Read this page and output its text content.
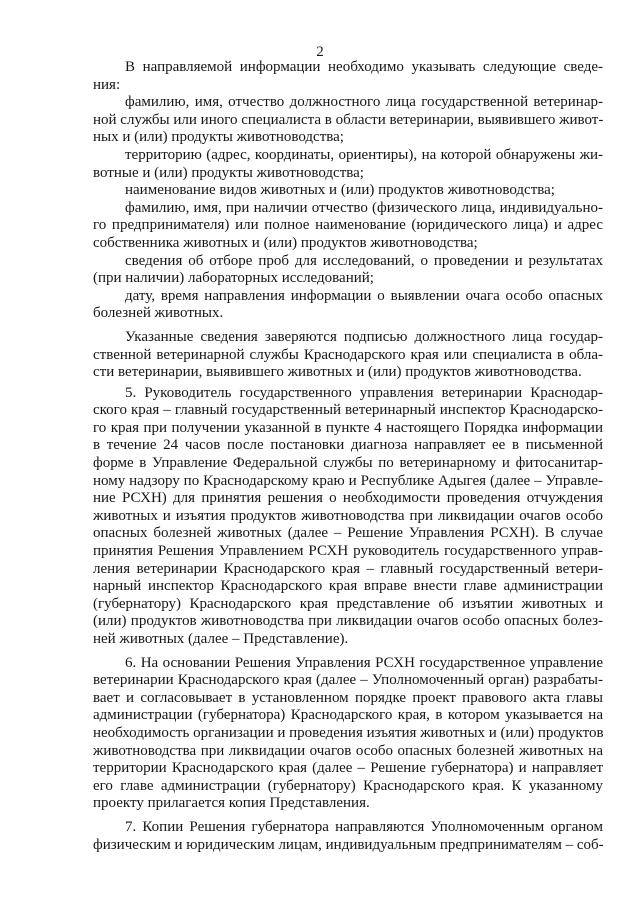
2
В направляемой информации необходимо указывать следующие сведе-
ния:
фамилию, имя, отчество должностного лица государственной ветеринар-
ной службы или иного специалиста в области ветеринарии, выявившего живот-
ных и (или) продукты животноводства;
территорию (адрес, координаты, ориентиры), на которой обнаружены жи-
вотные и (или) продукты животноводства;
наименование видов животных и (или) продуктов животноводства;
фамилию, имя, при наличии отчество (физического лица, индивидуально-
го предпринимателя) или полное наименование (юридического лица) и адрес
собственника животных и (или) продуктов животноводства;
сведения об отборе проб для исследований, о проведении и результатах
(при наличии) лабораторных исследований;
дату, время направления информации о выявлении очага особо опасных
болезней животных.
Указанные сведения заверяются подписью должностного лица государ-
ственной ветеринарной службы Краснодарского края или специалиста в обла-
сти ветеринарии, выявившего животных и (или) продуктов животноводства.
5. Руководитель государственного управления ветеринарии Краснодар-
ского края – главный государственный ветеринарный инспектор Краснодарско-
го края при получении указанной в пункте 4 настоящего Порядка информации
в течение 24 часов после постановки диагноза направляет ее в письменной
форме в Управление Федеральной службы по ветеринарному и фитосанитар-
ному надзору по Краснодарскому краю и Республике Адыгея (далее – Управле-
ние РСХН) для принятия решения о необходимости проведения отчуждения
животных и изъятия продуктов животноводства при ликвидации очагов особо
опасных болезней животных (далее – Решение Управления РСХН). В случае
принятия Решения Управлением РСХН руководитель государственного управ-
ления ветеринарии Краснодарского края – главный государственный ветери-
нарный инспектор Краснодарского края вправе внести главе администрации
(губернатору) Краснодарского края представление об изъятии животных и
(или) продуктов животноводства при ликвидации очагов особо опасных болез-
ней животных (далее – Представление).
6. На основании Решения Управления РСХН государственное управление
ветеринарии Краснодарского края (далее – Уполномоченный орган) разрабаты-
вает и согласовывает в установленном порядке проект правового акта главы
администрации (губернатора) Краснодарского края, в котором указывается на
необходимость организации и проведения изъятия животных и (или) продуктов
животноводства при ликвидации очагов особо опасных болезней животных на
территории Краснодарского края (далее – Решение губернатора) и направляет
его главе администрации (губернатору) Краснодарского края. К указанному
проекту прилагается копия Представления.
7. Копии Решения губернатора направляются Уполномоченным органом
физическим и юридическим лицам, индивидуальным предпринимателям – соб-
